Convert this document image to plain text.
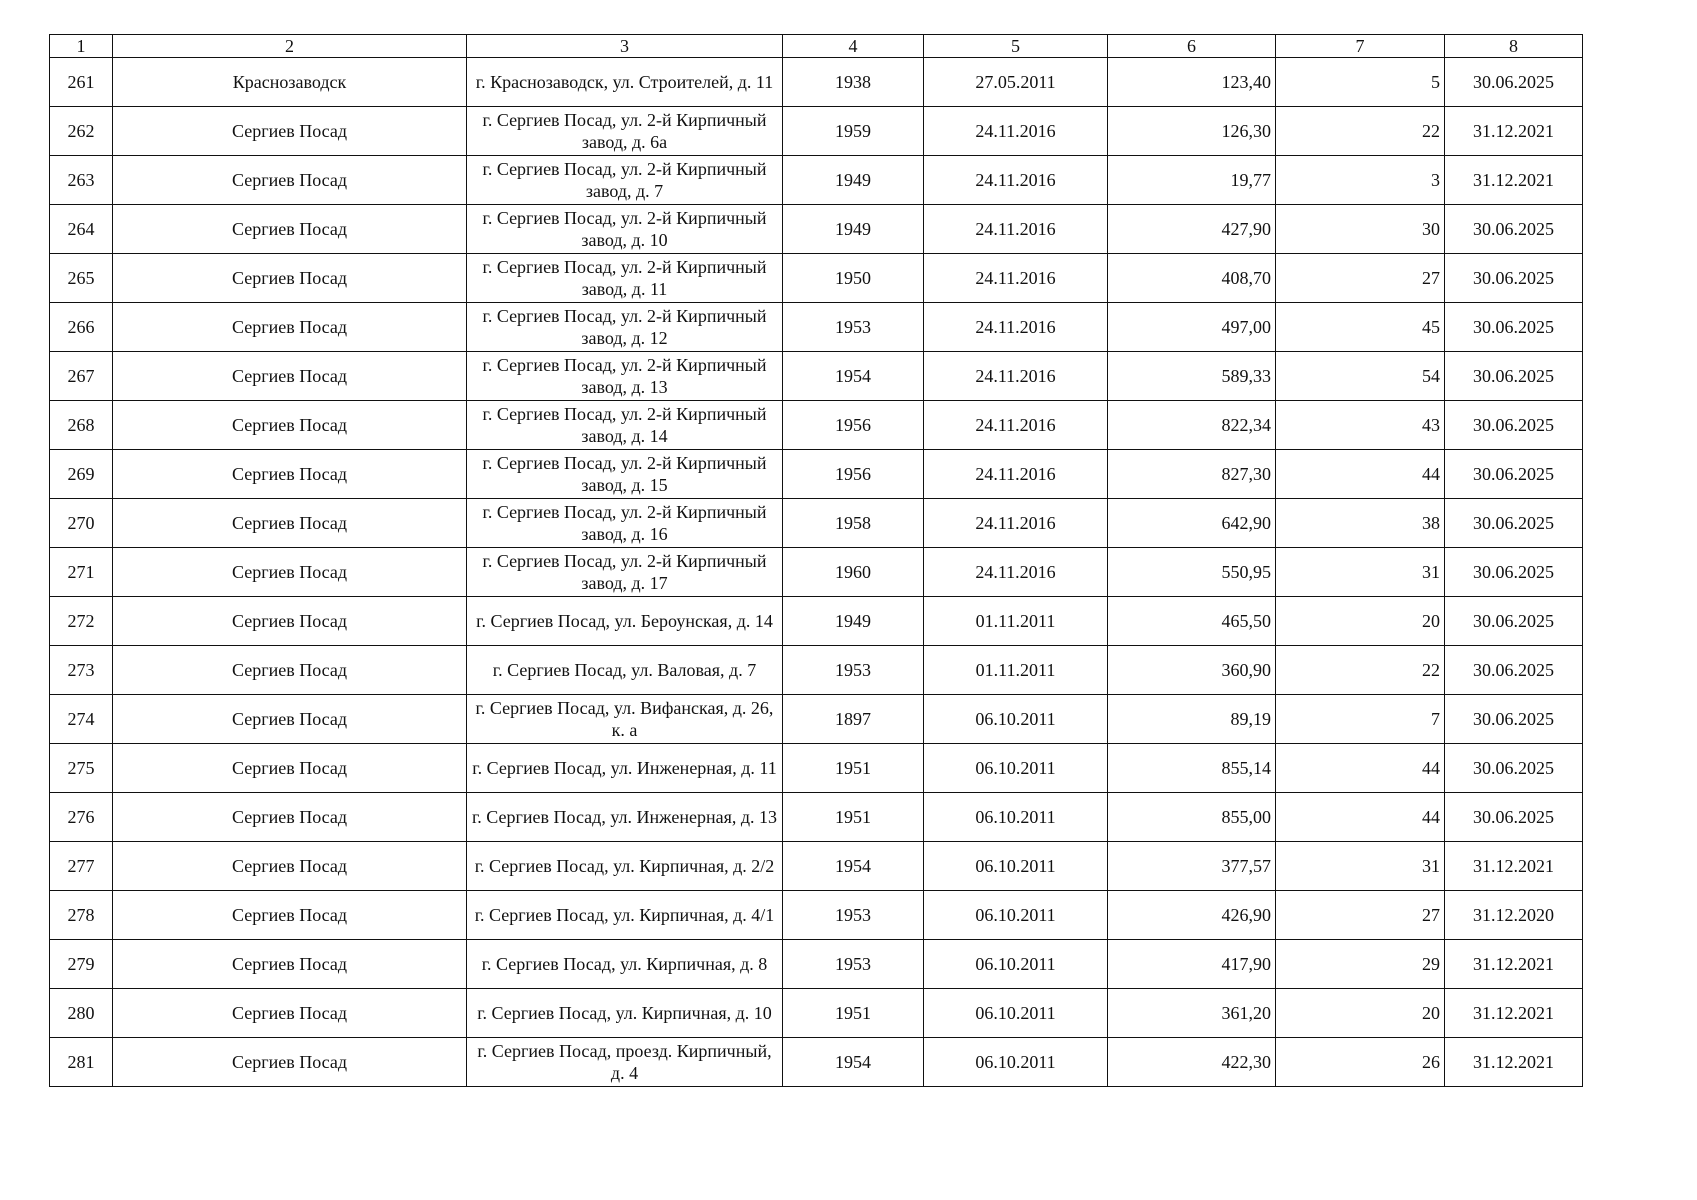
1	2	3	4	5	6	7	8
261	Краснозаводск	г. Краснозаводск, ул. Строителей, д. 11	1938	27.05.2011	123,40	5	30.06.2025
262	Сергиев Посад	г. Сергиев Посад, ул. 2-й Кирпичный завод, д. 6а	1959	24.11.2016	126,30	22	31.12.2021
263	Сергиев Посад	г. Сергиев Посад, ул. 2-й Кирпичный завод, д. 7	1949	24.11.2016	19,77	3	31.12.2021
264	Сергиев Посад	г. Сергиев Посад, ул. 2-й Кирпичный завод, д. 10	1949	24.11.2016	427,90	30	30.06.2025
265	Сергиев Посад	г. Сергиев Посад, ул. 2-й Кирпичный завод, д. 11	1950	24.11.2016	408,70	27	30.06.2025
266	Сергиев Посад	г. Сергиев Посад, ул. 2-й Кирпичный завод, д. 12	1953	24.11.2016	497,00	45	30.06.2025
267	Сергиев Посад	г. Сергиев Посад, ул. 2-й Кирпичный завод, д. 13	1954	24.11.2016	589,33	54	30.06.2025
268	Сергиев Посад	г. Сергиев Посад, ул. 2-й Кирпичный завод, д. 14	1956	24.11.2016	822,34	43	30.06.2025
269	Сергиев Посад	г. Сергиев Посад, ул. 2-й Кирпичный завод, д. 15	1956	24.11.2016	827,30	44	30.06.2025
270	Сергиев Посад	г. Сергиев Посад, ул. 2-й Кирпичный завод, д. 16	1958	24.11.2016	642,90	38	30.06.2025
271	Сергиев Посад	г. Сергиев Посад, ул. 2-й Кирпичный завод, д. 17	1960	24.11.2016	550,95	31	30.06.2025
272	Сергиев Посад	г. Сергиев Посад, ул. Бероунская, д. 14	1949	01.11.2011	465,50	20	30.06.2025
273	Сергиев Посад	г. Сергиев Посад, ул. Валовая, д. 7	1953	01.11.2011	360,90	22	30.06.2025
274	Сергиев Посад	г. Сергиев Посад, ул. Вифанская, д. 26, к. а	1897	06.10.2011	89,19	7	30.06.2025
275	Сергиев Посад	г. Сергиев Посад, ул. Инженерная, д. 11	1951	06.10.2011	855,14	44	30.06.2025
276	Сергиев Посад	г. Сергиев Посад, ул. Инженерная, д. 13	1951	06.10.2011	855,00	44	30.06.2025
277	Сергиев Посад	г. Сергиев Посад, ул. Кирпичная, д. 2/2	1954	06.10.2011	377,57	31	31.12.2021
278	Сергиев Посад	г. Сергиев Посад, ул. Кирпичная, д. 4/1	1953	06.10.2011	426,90	27	31.12.2020
279	Сергиев Посад	г. Сергиев Посад, ул. Кирпичная, д. 8	1953	06.10.2011	417,90	29	31.12.2021
280	Сергиев Посад	г. Сергиев Посад, ул. Кирпичная, д. 10	1951	06.10.2011	361,20	20	31.12.2021
281	Сергиев Посад	г. Сергиев Посад, проезд. Кирпичный, д. 4	1954	06.10.2011	422,30	26	31.12.2021
